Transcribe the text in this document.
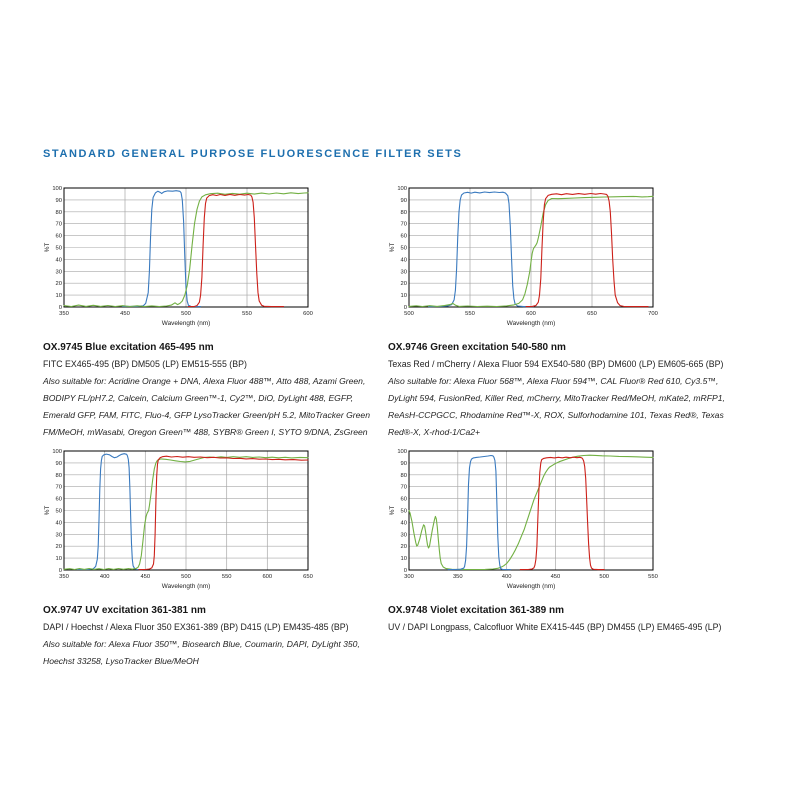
STANDARD GENERAL PURPOSE FLUORESCENCE FILTER SETS
0
10
20
30
40
50
60
70
80
90
100
350	450	500	550	600
Wavelength (nm)
%T
OX.9745 Blue excitation 465-495 nm
FITC EX465-495 (BP) DM505 (LP) EM515-555 (BP)
Also suitable for: Acridine Orange + DNA, Alexa Fluor 488™, Atto 488, Azami Green, BODIPY FL/pH7.2, Calcein, Calcium Green™-1, Cy2™, DiO, DyLight 488, EGFP, Emerald GFP, FAM, FITC, Fluo-4, GFP LysoTracker Green/pH 5.2, MitoTracker Green FM/MeOH, mWasabi, Oregon Green™ 488, SYBR® Green I, SYTO 9/DNA, ZsGreen
0
10
20
30
40
50
60
70
80
90
100
500	550	600	650	700
Wavelength (nm)
%T
OX.9746 Green excitation 540-580 nm
Texas Red / mCherry / Alexa Fluor 594 EX540-580 (BP) DM600 (LP) EM605-665 (BP)
Also suitable for: Alexa Fluor 568™, Alexa Fluor 594™, CAL Fluor® Red 610, Cy3.5™, DyLight 594, FusionRed, Killer Red, mCherry, MitoTracker Red/MeOH, mKate2, mRFP1, ReAsH-CCPGCC, Rhodamine Red™-X, ROX, Sulforhodamine 101, Texas Red®, Texas Red®-X, X-rhod-1/Ca2+
0
10
20
30
40
50
60
70
80
90
100
350	400	450	500	550	600	650
Wavelength (nm)
%T
OX.9747 UV excitation 361-381 nm
DAPI / Hoechst / Alexa Fluor 350 EX361-389 (BP) D415 (LP) EM435-485 (BP)
Also suitable for: Alexa Fluor 350™, Biosearch Blue, Coumarin, DAPI, DyLight 350, Hoechst 33258, LysoTracker Blue/MeOH
0
10
20
30
40
50
60
70
80
90
100
300	350	400	450	500	550
Wavelength (nm)
%T
OX.9748 Violet excitation 361-389 nm
UV / DAPI Longpass, Calcofluor White EX415-445 (BP) DM455 (LP) EM465-495 (LP)
